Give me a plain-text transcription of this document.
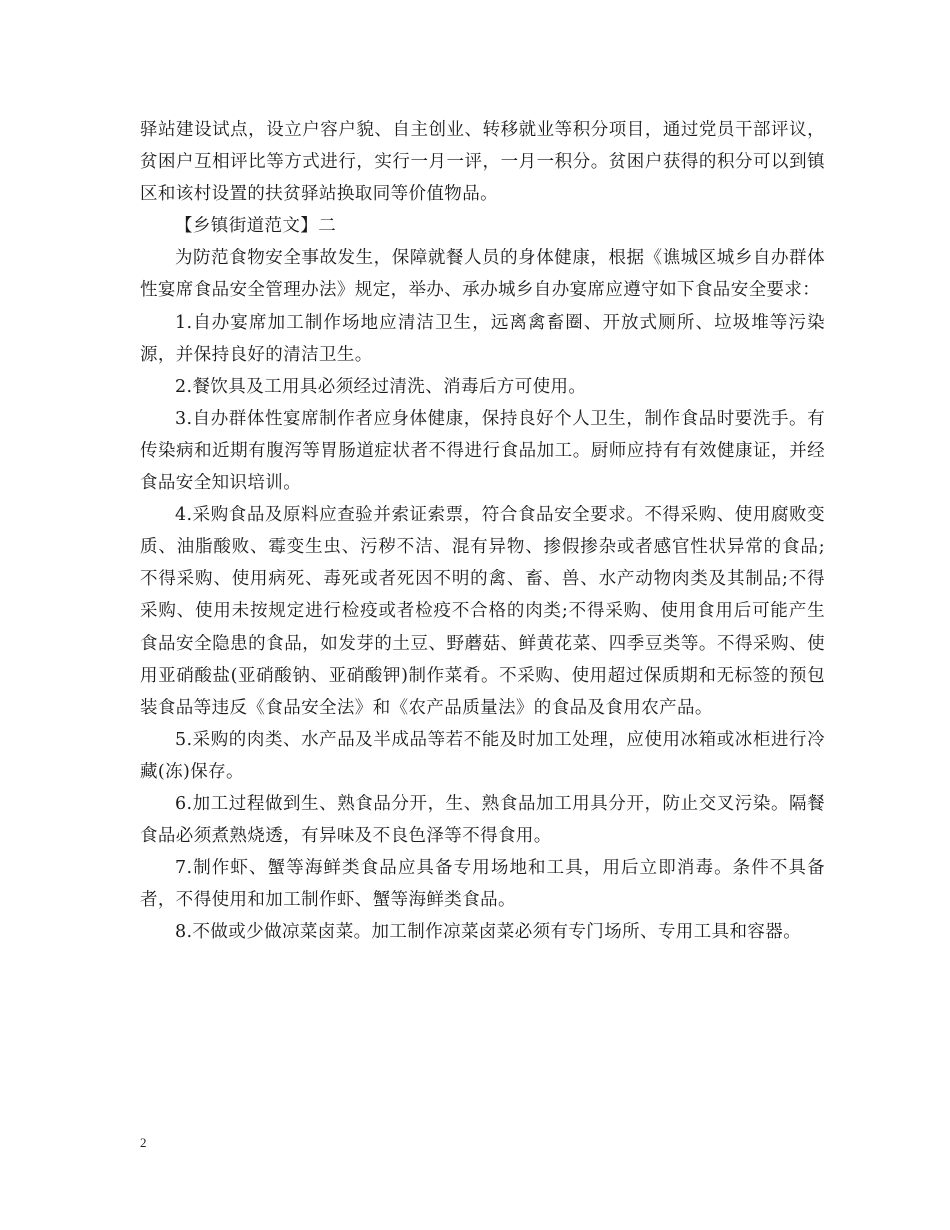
驿站建设试点，设立户容户貌、自主创业、转移就业等积分项目，通过党员干部评议，贫困户互相评比等方式进行，实行一月一评，一月一积分。贫困户获得的积分可以到镇区和该村设置的扶贫驿站换取同等价值物品。

【乡镇街道范文】二

为防范食物安全事故发生，保障就餐人员的身体健康，根据《谯城区城乡自办群体性宴席食品安全管理办法》规定，举办、承办城乡自办宴席应遵守如下食品安全要求：

1.自办宴席加工制作场地应清洁卫生，远离禽畜圈、开放式厕所、垃圾堆等污染源，并保持良好的清洁卫生。

2.餐饮具及工用具必须经过清洗、消毒后方可使用。

3.自办群体性宴席制作者应身体健康，保持良好个人卫生，制作食品时要洗手。有传染病和近期有腹泻等胃肠道症状者不得进行食品加工。厨师应持有有效健康证，并经食品安全知识培训。

4.采购食品及原料应查验并索证索票，符合食品安全要求。不得采购、使用腐败变质、油脂酸败、霉变生虫、污秽不洁、混有异物、掺假掺杂或者感官性状异常的食品;不得采购、使用病死、毒死或者死因不明的禽、畜、兽、水产动物肉类及其制品;不得采购、使用未按规定进行检疫或者检疫不合格的肉类;不得采购、使用食用后可能产生食品安全隐患的食品，如发芽的土豆、野蘑菇、鲜黄花菜、四季豆类等。不得采购、使用亚硝酸盐(亚硝酸钠、亚硝酸钾)制作菜肴。不采购、使用超过保质期和无标签的预包装食品等违反《食品安全法》和《农产品质量法》的食品及食用农产品。

5.采购的肉类、水产品及半成品等若不能及时加工处理，应使用冰箱或冰柜进行冷藏(冻)保存。

6.加工过程做到生、熟食品分开，生、熟食品加工用具分开，防止交叉污染。隔餐食品必须煮熟烧透，有异味及不良色泽等不得食用。

7.制作虾、蟹等海鲜类食品应具备专用场地和工具，用后立即消毒。条件不具备者，不得使用和加工制作虾、蟹等海鲜类食品。

8.不做或少做凉菜卤菜。加工制作凉菜卤菜必须有专门场所、专用工具和容器。

2
